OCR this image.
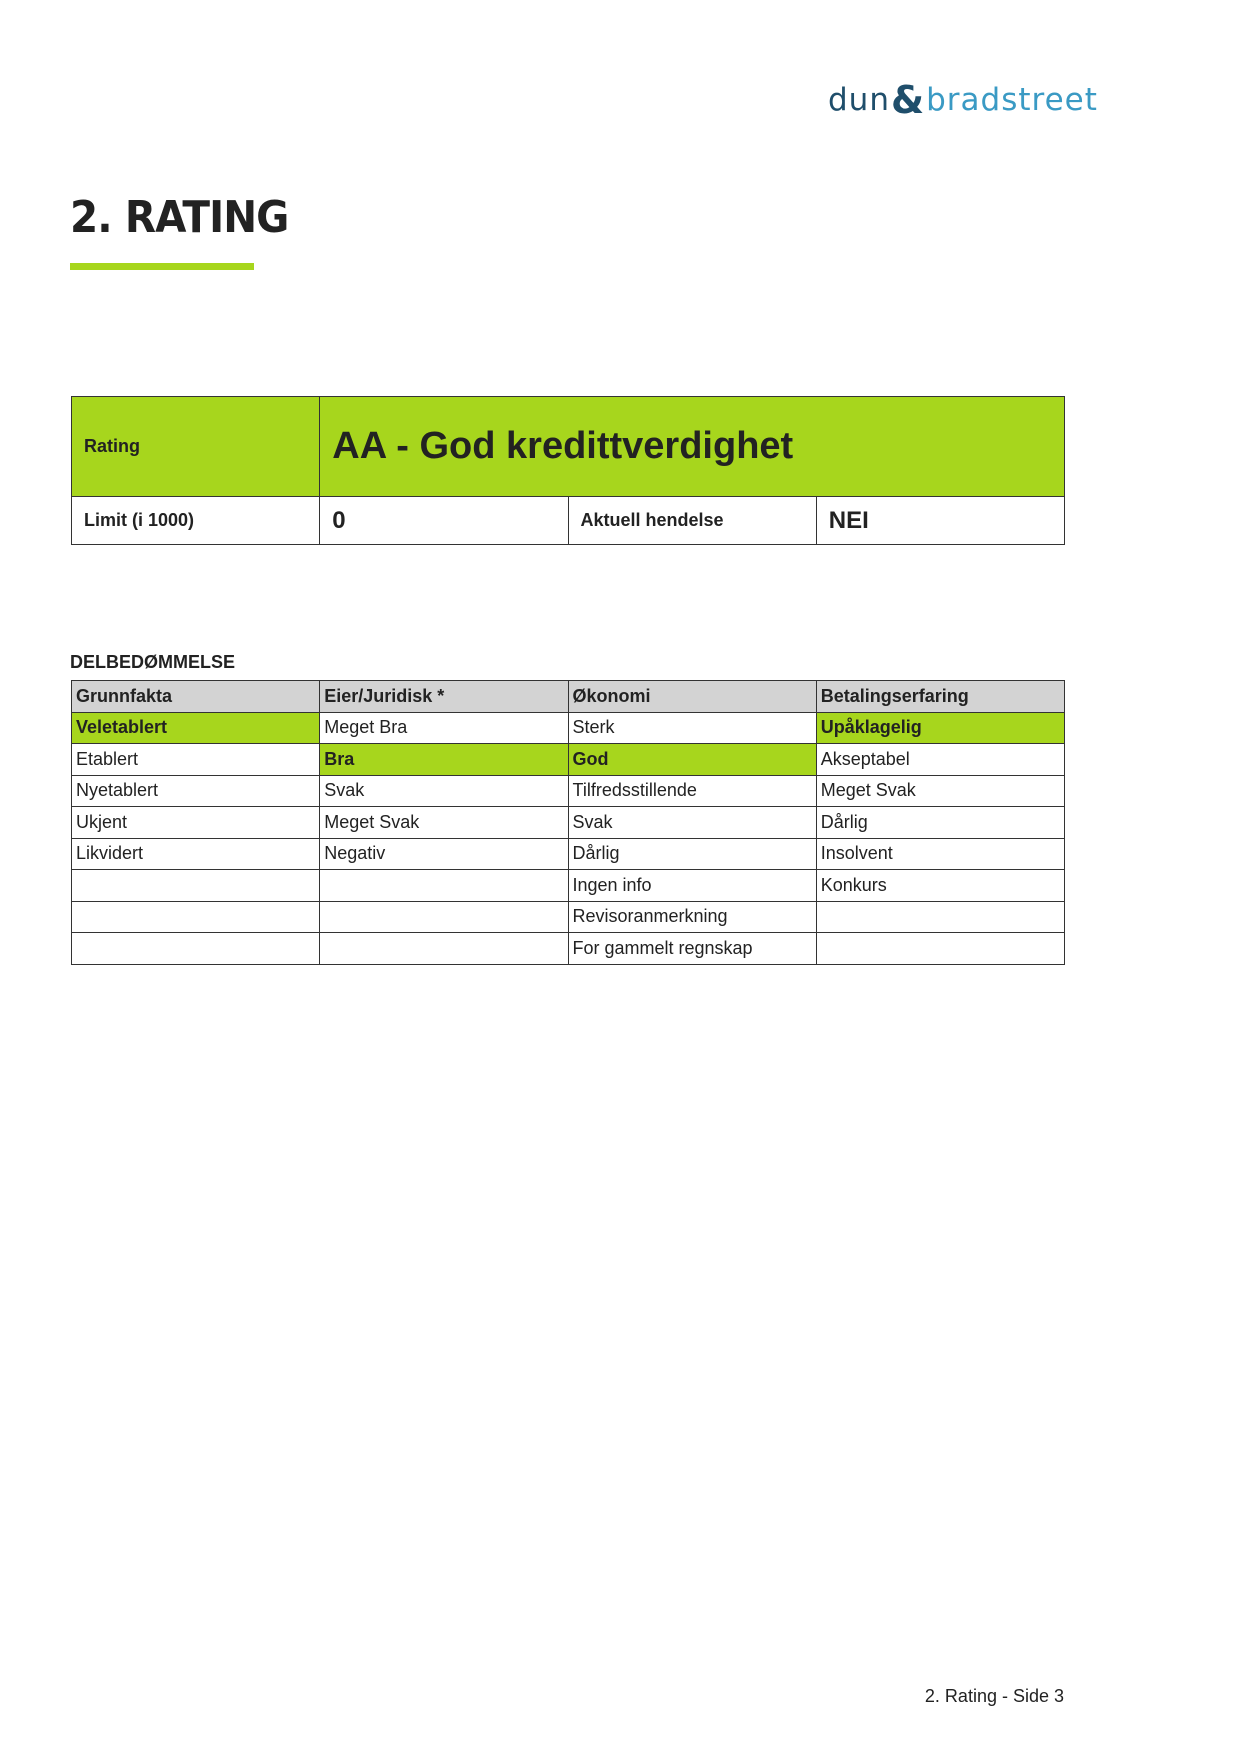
dun & bradstreet
2. RATING
Rating	AA - God kredittverdighet		
Limit (i 1000)	0	Aktuell hendelse	NEI
DELBEDØMMELSE
Grunnfakta	Eier/Juridisk *	Økonomi	Betalingserfaring
Veletablert	Meget Bra	Sterk	Upåklagelig
Etablert	Bra	God	Akseptabel
Nyetablert	Svak	Tilfredsstillende	Meget Svak
Ukjent	Meget Svak	Svak	Dårlig
Likvidert	Negativ	Dårlig	Insolvent
		Ingen info	Konkurs
		Revisoranmerkning	
		For gammelt regnskap	
2. Rating - Side 3
